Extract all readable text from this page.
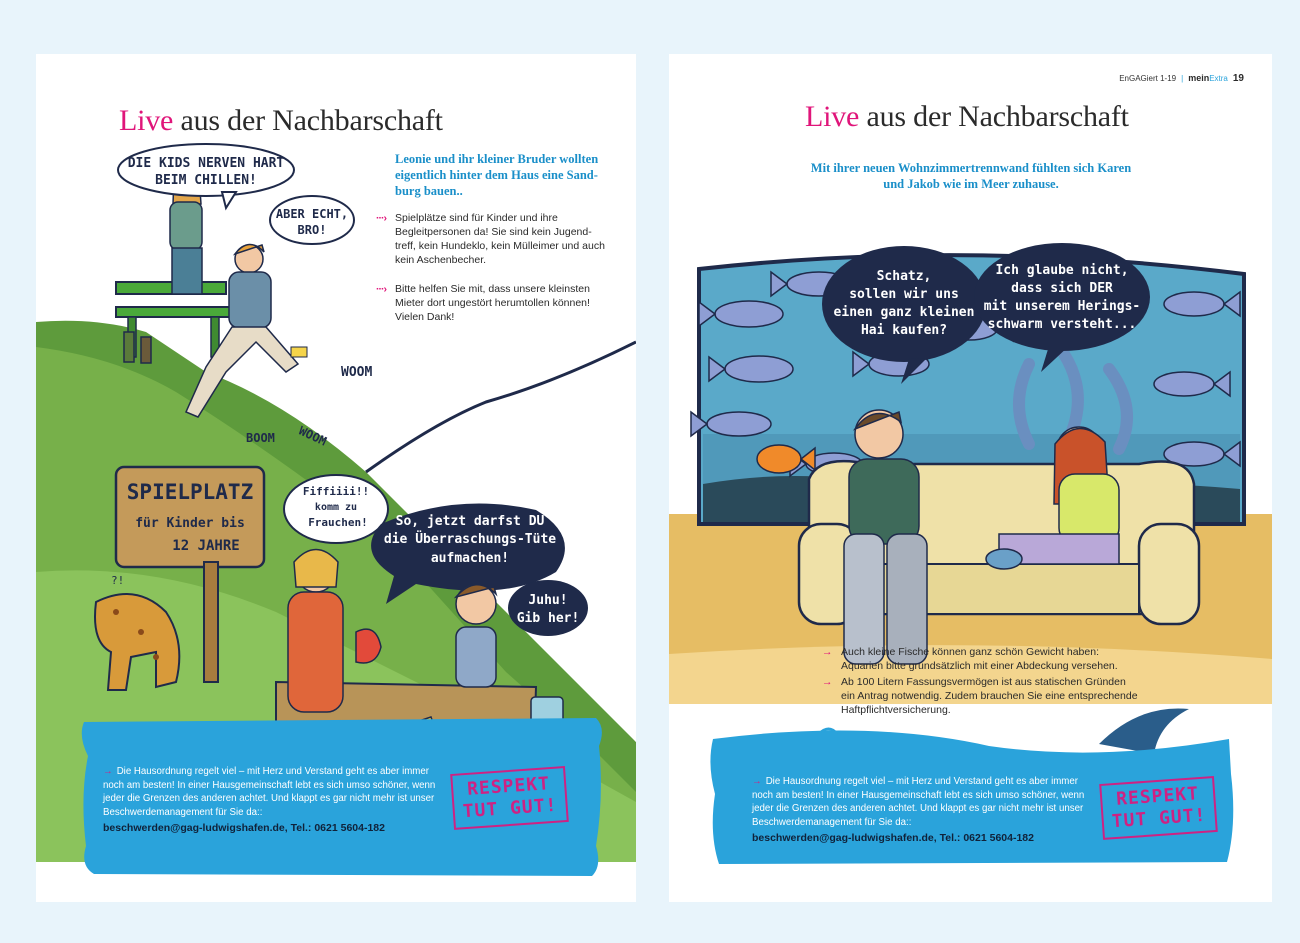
Live aus der Nachbarschaft
DIE KIDS NERVEN HART
BEIM CHILLEN!
ABER ECHT,
BRO!
WOOM
BOOM WOOM
SPIELPLATZ
für Kinder bis
12 JAHRE
Fiffiiii!!
komm zu
Frauchen! So, jetzt darfst DU
die Überraschungs-Tüte
aufmachen!
Juhu!
Gib her!
?!
Leonie und ihr kleiner Bruder wollten eigentlich hinter dem Haus eine Sandburg bauen..
···› Spielplätze sind für Kinder und ihre Begleitpersonen da! Sie sind kein Jugendtreff, kein Hundeklo, kein Mülleimer und auch kein Aschenbecher.
···› Bitte helfen Sie mit, dass unsere kleinsten Mieter dort ungestört herumtollen können! Vielen Dank!
→ Die Hausordnung regelt viel – mit Herz und Verstand geht es aber immer noch am besten! In einer Hausgemeinschaft lebt es sich umso schöner, wenn jeder die Grenzen des anderen achtet. Und klappt es gar nicht mehr ist unser Beschwerdemanagement für Sie da::
beschwerden@gag-ludwigshafen.de, Tel.: 0621 5604-182
RESPEKT
TUT GUT!
EnGAGiert 1-19 | meinExtra 19
Live aus der Nachbarschaft
Mit ihrer neuen Wohnzimmertrennwand fühlten sich Karen und Jakob wie im Meer zuhause.
Schatz,
sollen wir uns
einen ganz kleinen
Hai kaufen?
Ich glaube nicht,
dass sich DER
mit unserem Herings-
schwarm versteht...
→ Auch kleine Fische können ganz schön Gewicht haben: Aquarien bitte grundsätzlich mit einer Abdeckung versehen.
→ Ab 100 Litern Fassungsvermögen ist aus statischen Gründen ein Antrag notwendig. Zudem brauchen Sie eine entsprechende Haftpflichtversicherung.
→ Die Hausordnung regelt viel – mit Herz und Verstand geht es aber immer noch am besten! In einer Hausgemeinschaft lebt es sich umso schöner, wenn jeder die Grenzen des anderen achtet. Und klappt es gar nicht mehr ist unser Beschwerdemanagement für Sie da::
beschwerden@gag-ludwigshafen.de, Tel.: 0621 5604-182
RESPEKT
TUT GUT!
